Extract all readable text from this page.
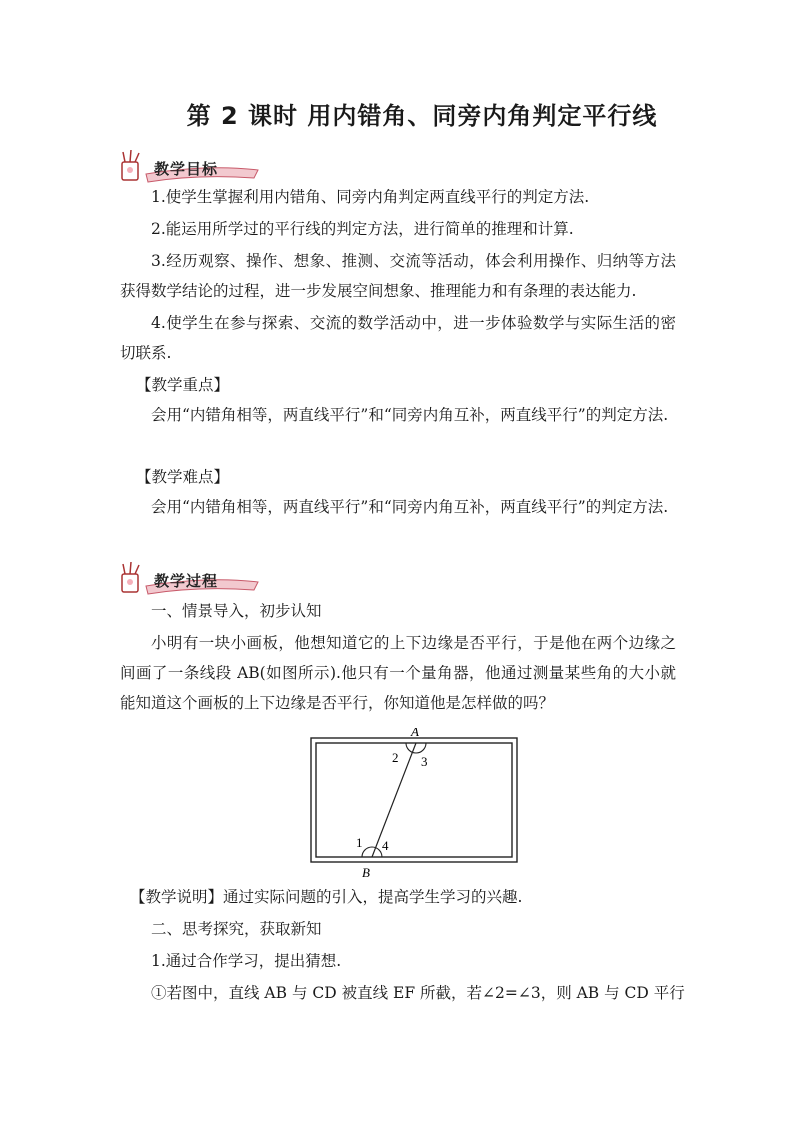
第 2 课时 用内错角、同旁内角判定平行线
教学目标

1.使学生掌握利用内错角、同旁内角判定两直线平行的判定方法.

2.能运用所学过的平行线的判定方法，进行简单的推理和计算.

3.经历观察、操作、想象、推测、交流等活动，体会利用操作、归纳等方法获得数学结论的过程，进一步发展空间想象、推理能力和有条理的表达能力.

4.使学生在参与探索、交流的数学活动中，进一步体验数学与实际生活的密切联系.

【教学重点】

会用“内错角相等，两直线平行”和“同旁内角互补，两直线平行”的判定方法.

【教学难点】

会用“内错角相等，两直线平行”和“同旁内角互补，两直线平行”的判定方法.

教学过程

一、情景导入，初步认知

小明有一块小画板，他想知道它的上下边缘是否平行，于是他在两个边缘之间画了一条线段 AB(如图所示).他只有一个量角器，他通过测量某些角的大小就能知道这个画板的上下边缘是否平行，你知道他是怎样做的吗？

A
2 3
1 4
B

【教学说明】通过实际问题的引入，提高学生学习的兴趣.

二、思考探究，获取新知

1.通过合作学习，提出猜想.

①若图中，直线 AB 与 CD 被直线 EF 所截，若∠2=∠3，则 AB 与 CD 平行
